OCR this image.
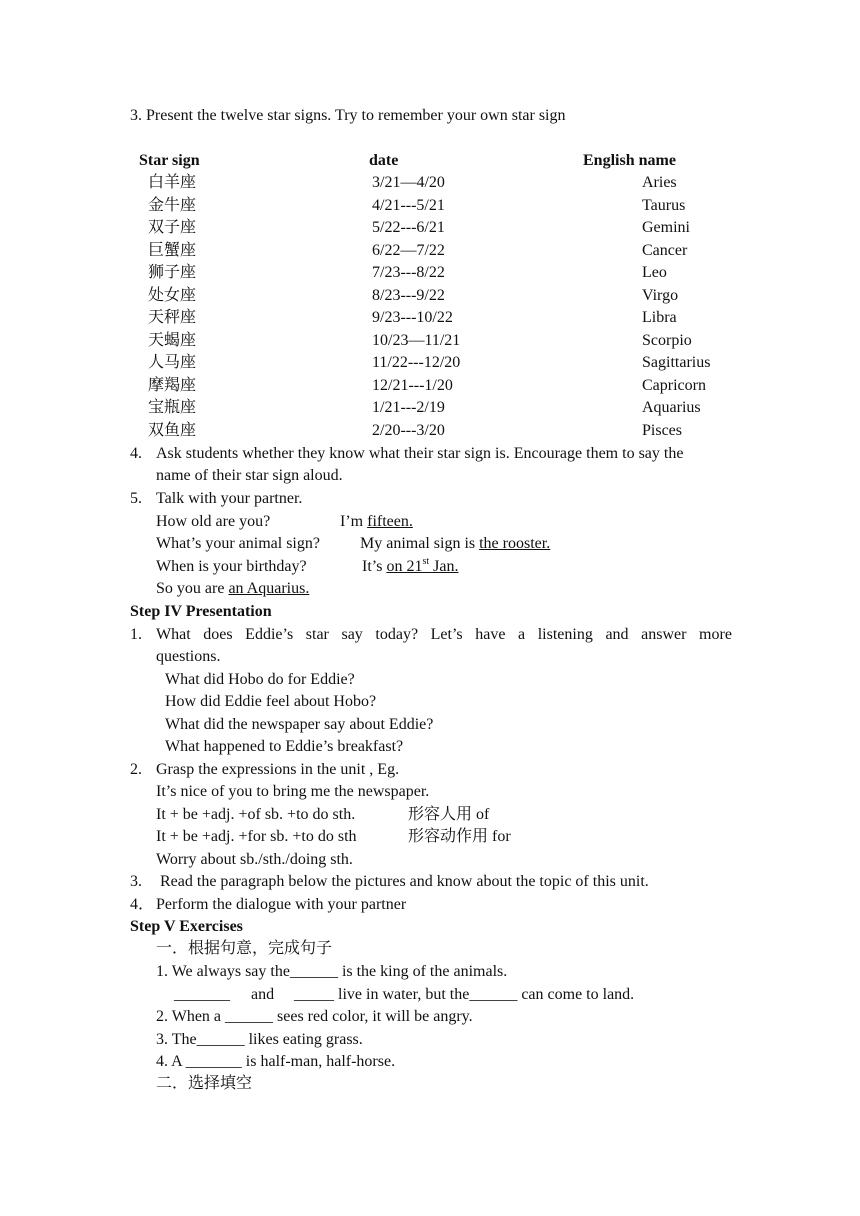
3. Present the twelve star signs. Try to remember your own star sign
Star sign	date	English name
白羊座	3/21—4/20	Aries
金牛座	4/21---5/21	Taurus
双子座	5/22---6/21	Gemini
巨蟹座	6/22—7/22	Cancer
狮子座	7/23---8/22	Leo
处女座	8/23---9/22	Virgo
天秤座	9/23---10/22	Libra
天蝎座	10/23—11/21	Scorpio
人马座	11/22---12/20	Sagittarius
摩羯座	12/21---1/20	Capricorn
宝瓶座	1/21---2/19	Aquarius
双鱼座	2/20---3/20	Pisces
4. Ask students whether they know what their star sign is. Encourage them to say the
name of their star sign aloud.
5. Talk with your partner.
How old are you?	I’m fifteen.
What’s your animal sign?	My animal sign is the rooster.
When is your birthday?	It’s on 21st Jan.
So you are an Aquarius.
Step IV Presentation
1. What does Eddie’s star say today? Let’s have a listening and answer more
questions.
What did Hobo do for Eddie?
How did Eddie feel about Hobo?
What did the newspaper say about Eddie?
What happened to Eddie’s breakfast?
2. Grasp the expressions in the unit , Eg.
It’s nice of you to bring me the newspaper.
It + be +adj. +of sb. +to do sth.	形容人用 of
It + be +adj. +for sb. +to do sth	形容动作用 for
Worry about sb./sth./doing sth.
3. Read the paragraph below the pictures and know about the topic of this unit.
4． Perform the dialogue with your partner
Step V Exercises
一．根据句意，完成句子
1. We always say the______ is the king of the animals.
_______ and _____ live in water, but the______ can come to land.
2. When a ______ sees red color, it will be angry.
3. The______ likes eating grass.
4. A _______ is half-man, half-horse.
二．选择填空
